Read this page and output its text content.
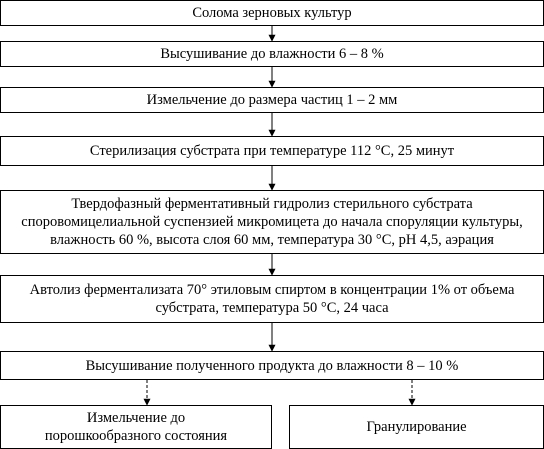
Солома зерновых культур
Высушивание до влажности 6 – 8 %
Измельчение до размера частиц 1 – 2 мм
Стерилизация субстрата при температуре 112 °С, 25 минут
Твердофазный ферментативный гидролиз стерильного субстрата споровомицелиальной суспензией микромицета до начала споруляции культуры, влажность 60 %, высота слоя 60 мм, температура 30 °С, pH 4,5, аэрация
Автолиз ферментализата 70° этиловым спиртом в концентрации 1% от объема субстрата, температура 50 °С, 24 часа
Высушивание полученного продукта до влажности 8 – 10 %
Измельчение до порошкообразного состояния
Гранулирование
